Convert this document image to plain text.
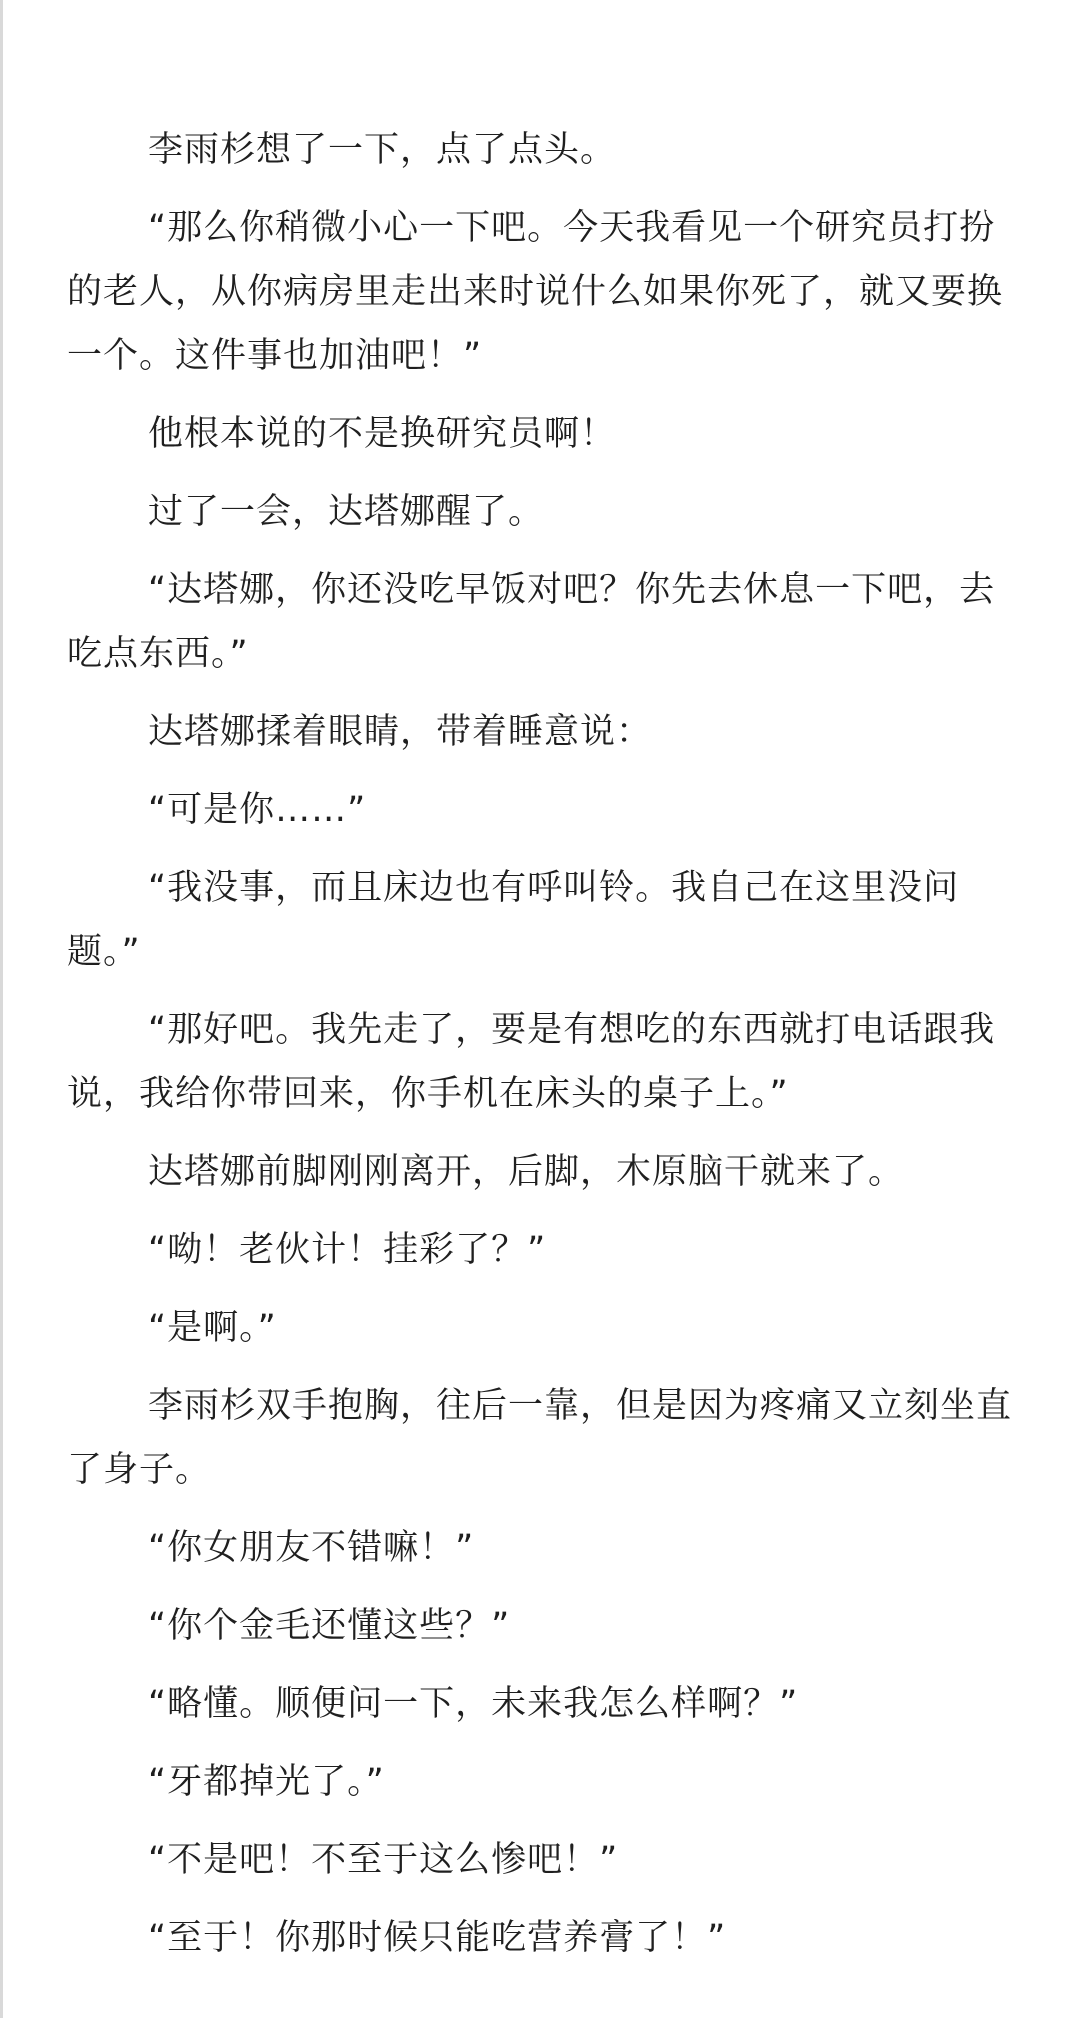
李雨杉想了一下，点了点头。

“那么你稍微小心一下吧。今天我看见一个研究员打扮的老人，从你病房里走出来时说什么如果你死了，就又要换一个。这件事也加油吧！”

他根本说的不是换研究员啊！

过了一会，达塔娜醒了。

“达塔娜，你还没吃早饭对吧？你先去休息一下吧，去吃点东西。”

达塔娜揉着眼睛，带着睡意说：

“可是你……”

“我没事，而且床边也有呼叫铃。我自己在这里没问题。”

“那好吧。我先走了，要是有想吃的东西就打电话跟我说，我给你带回来，你手机在床头的桌子上。”

达塔娜前脚刚刚离开，后脚，木原脑干就来了。

“呦！老伙计！挂彩了？”

“是啊。”

李雨杉双手抱胸，往后一靠，但是因为疼痛又立刻坐直了身子。

“你女朋友不错嘛！”

“你个金毛还懂这些？”

“略懂。顺便问一下，未来我怎么样啊？”

“牙都掉光了。”

“不是吧！不至于这么惨吧！”

“至于！你那时候只能吃营养膏了！”
